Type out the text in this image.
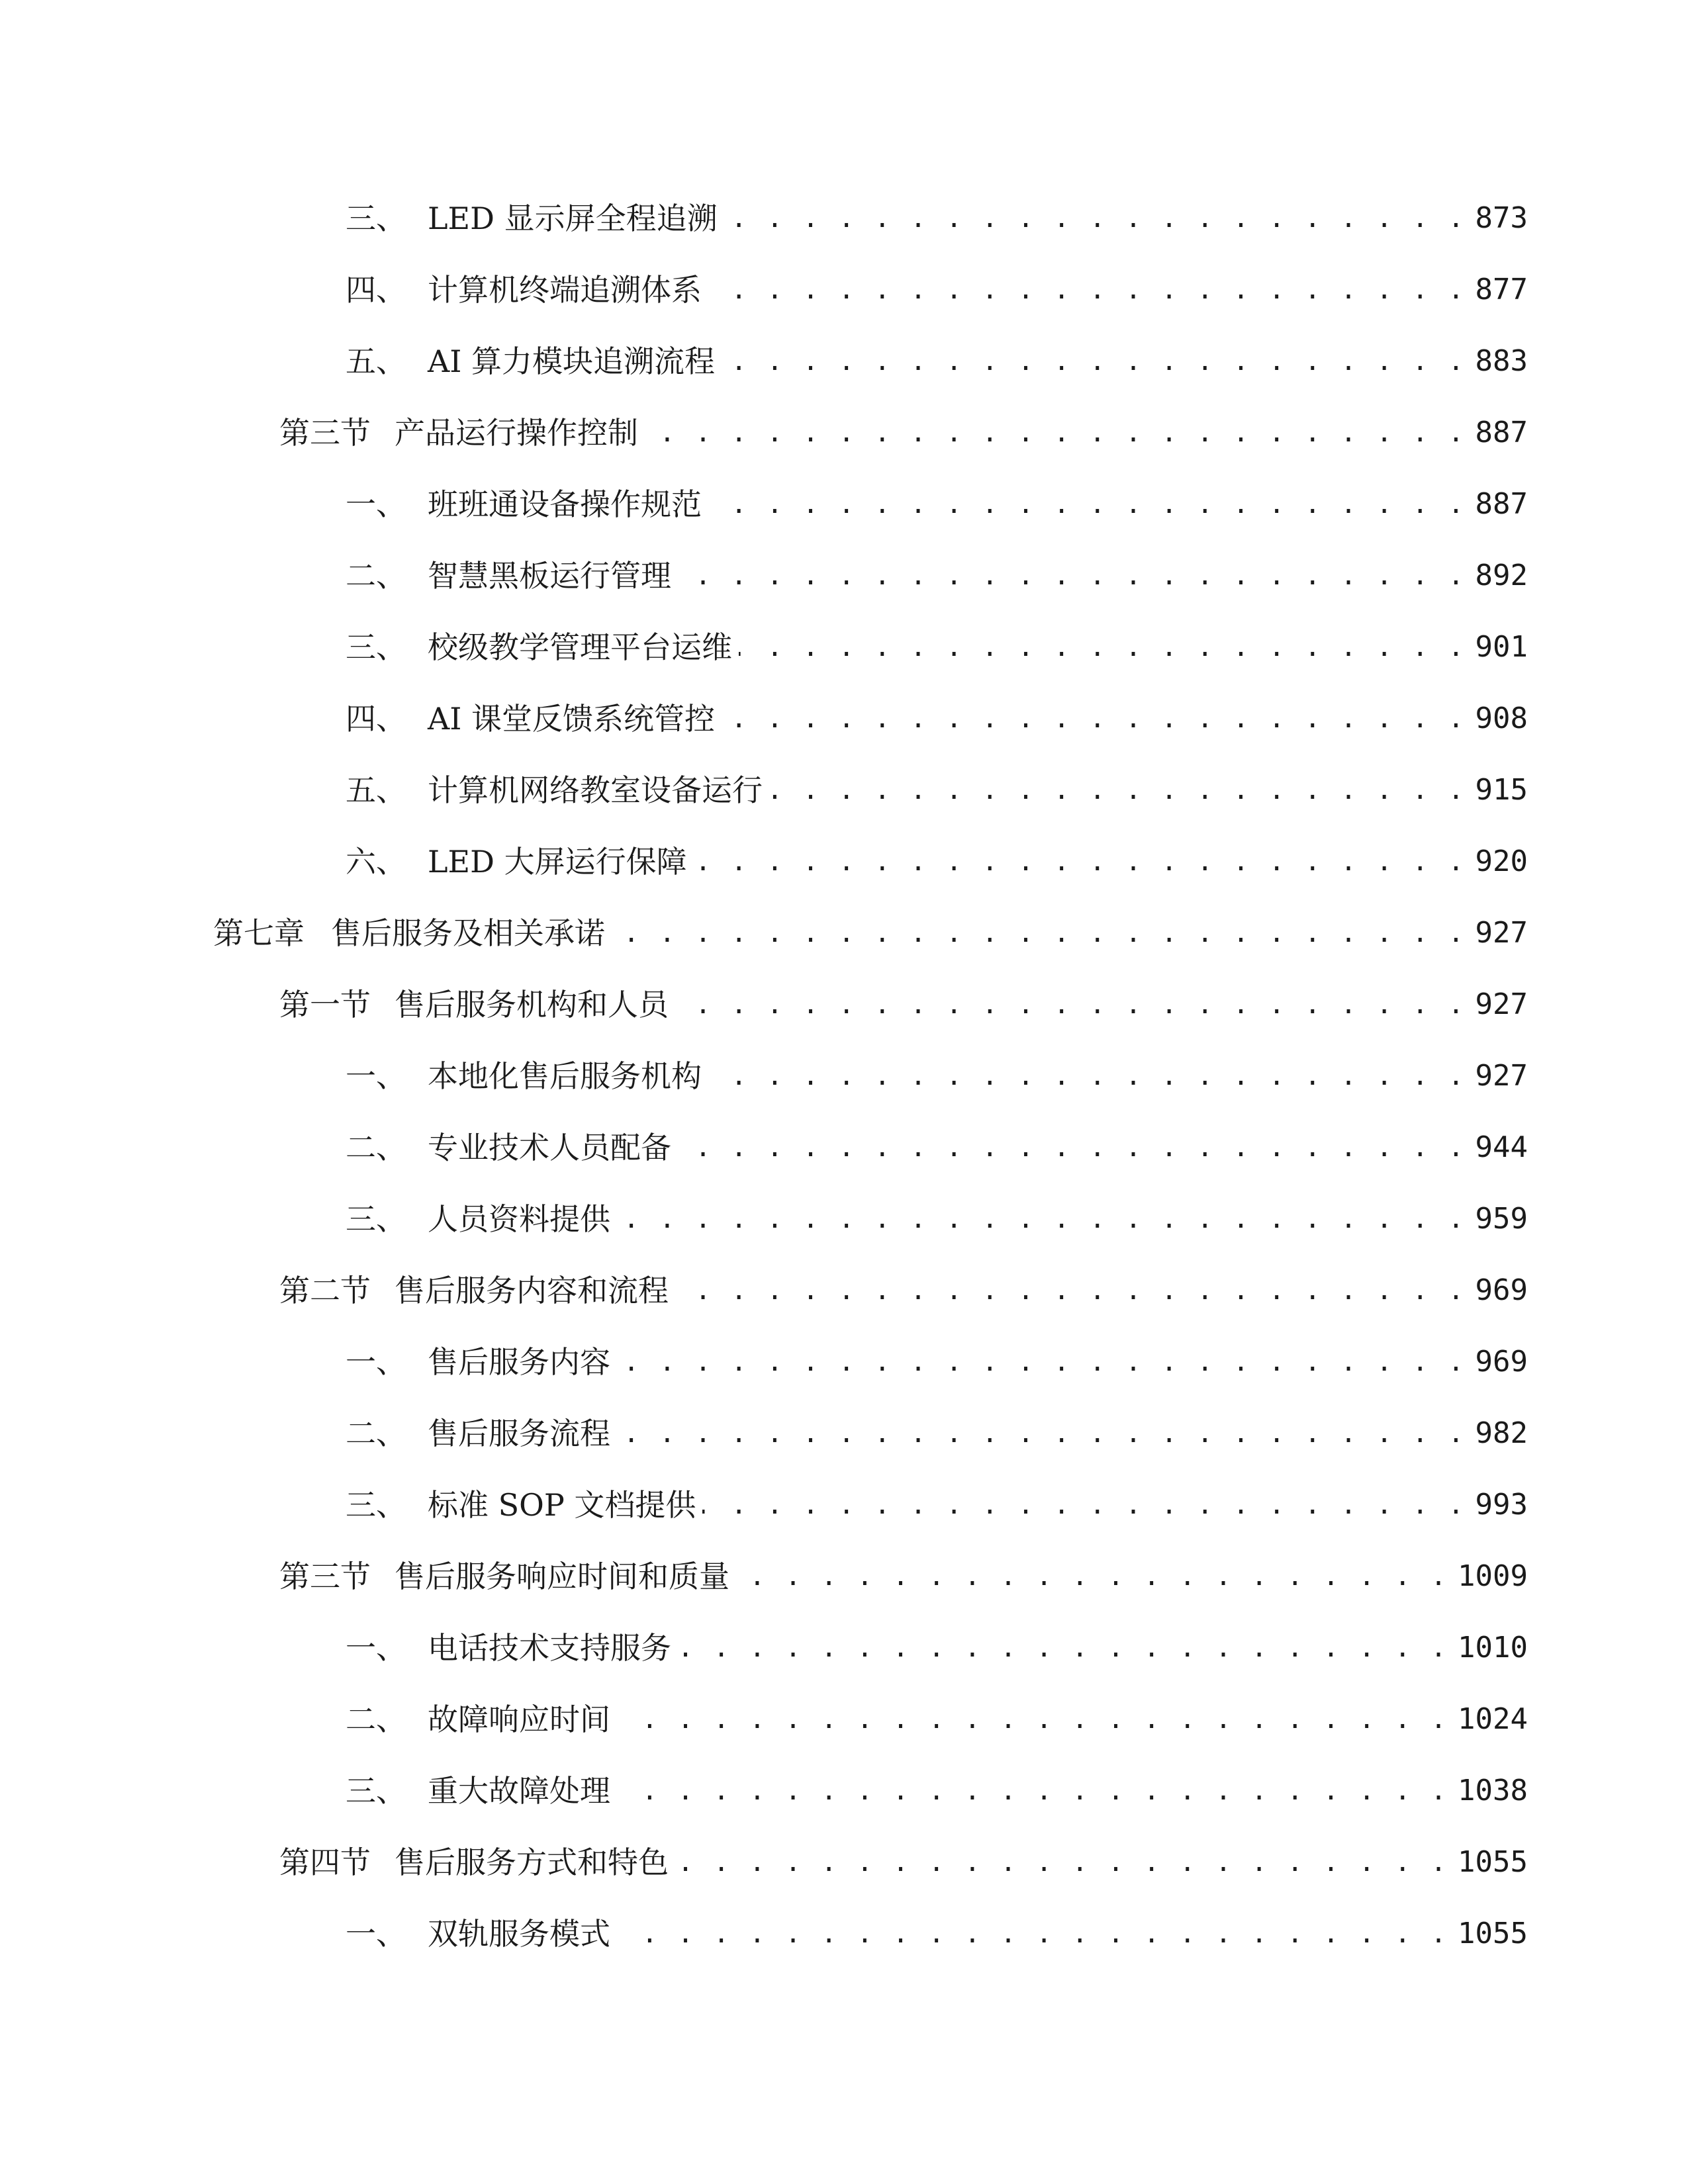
三、 LED 显示屏全程追溯 . . .	873
四、 计算机终端追溯体系 . . .	877
五、 AI 算力模块追溯流程 . . .	883
第三节 产品运行操作控制 . . .	887
一、 班班通设备操作规范 . . .	887
二、 智慧黑板运行管理 . . .	892
三、 校级教学管理平台运维 . . .	901
四、 AI 课堂反馈系统管控 . . .	908
五、 计算机网络教室设备运行 . . .	915
六、 LED 大屏运行保障 . . .	920
第七章 售后服务及相关承诺 . . .	927
第一节 售后服务机构和人员 . . .	927
一、 本地化售后服务机构 . . .	927
二、 专业技术人员配备 . . .	944
三、 人员资料提供 . . .	959
第二节 售后服务内容和流程 . . .	969
一、 售后服务内容 . . .	969
二、 售后服务流程 . . .	982
三、 标准 SOP 文档提供 . . .	993
第三节 售后服务响应时间和质量 . . .	1009
一、 电话技术支持服务 . . .	1010
二、 故障响应时间 . . .	1024
三、 重大故障处理 . . .	1038
第四节 售后服务方式和特色 . . .	1055
一、 双轨服务模式 . . .	1055
